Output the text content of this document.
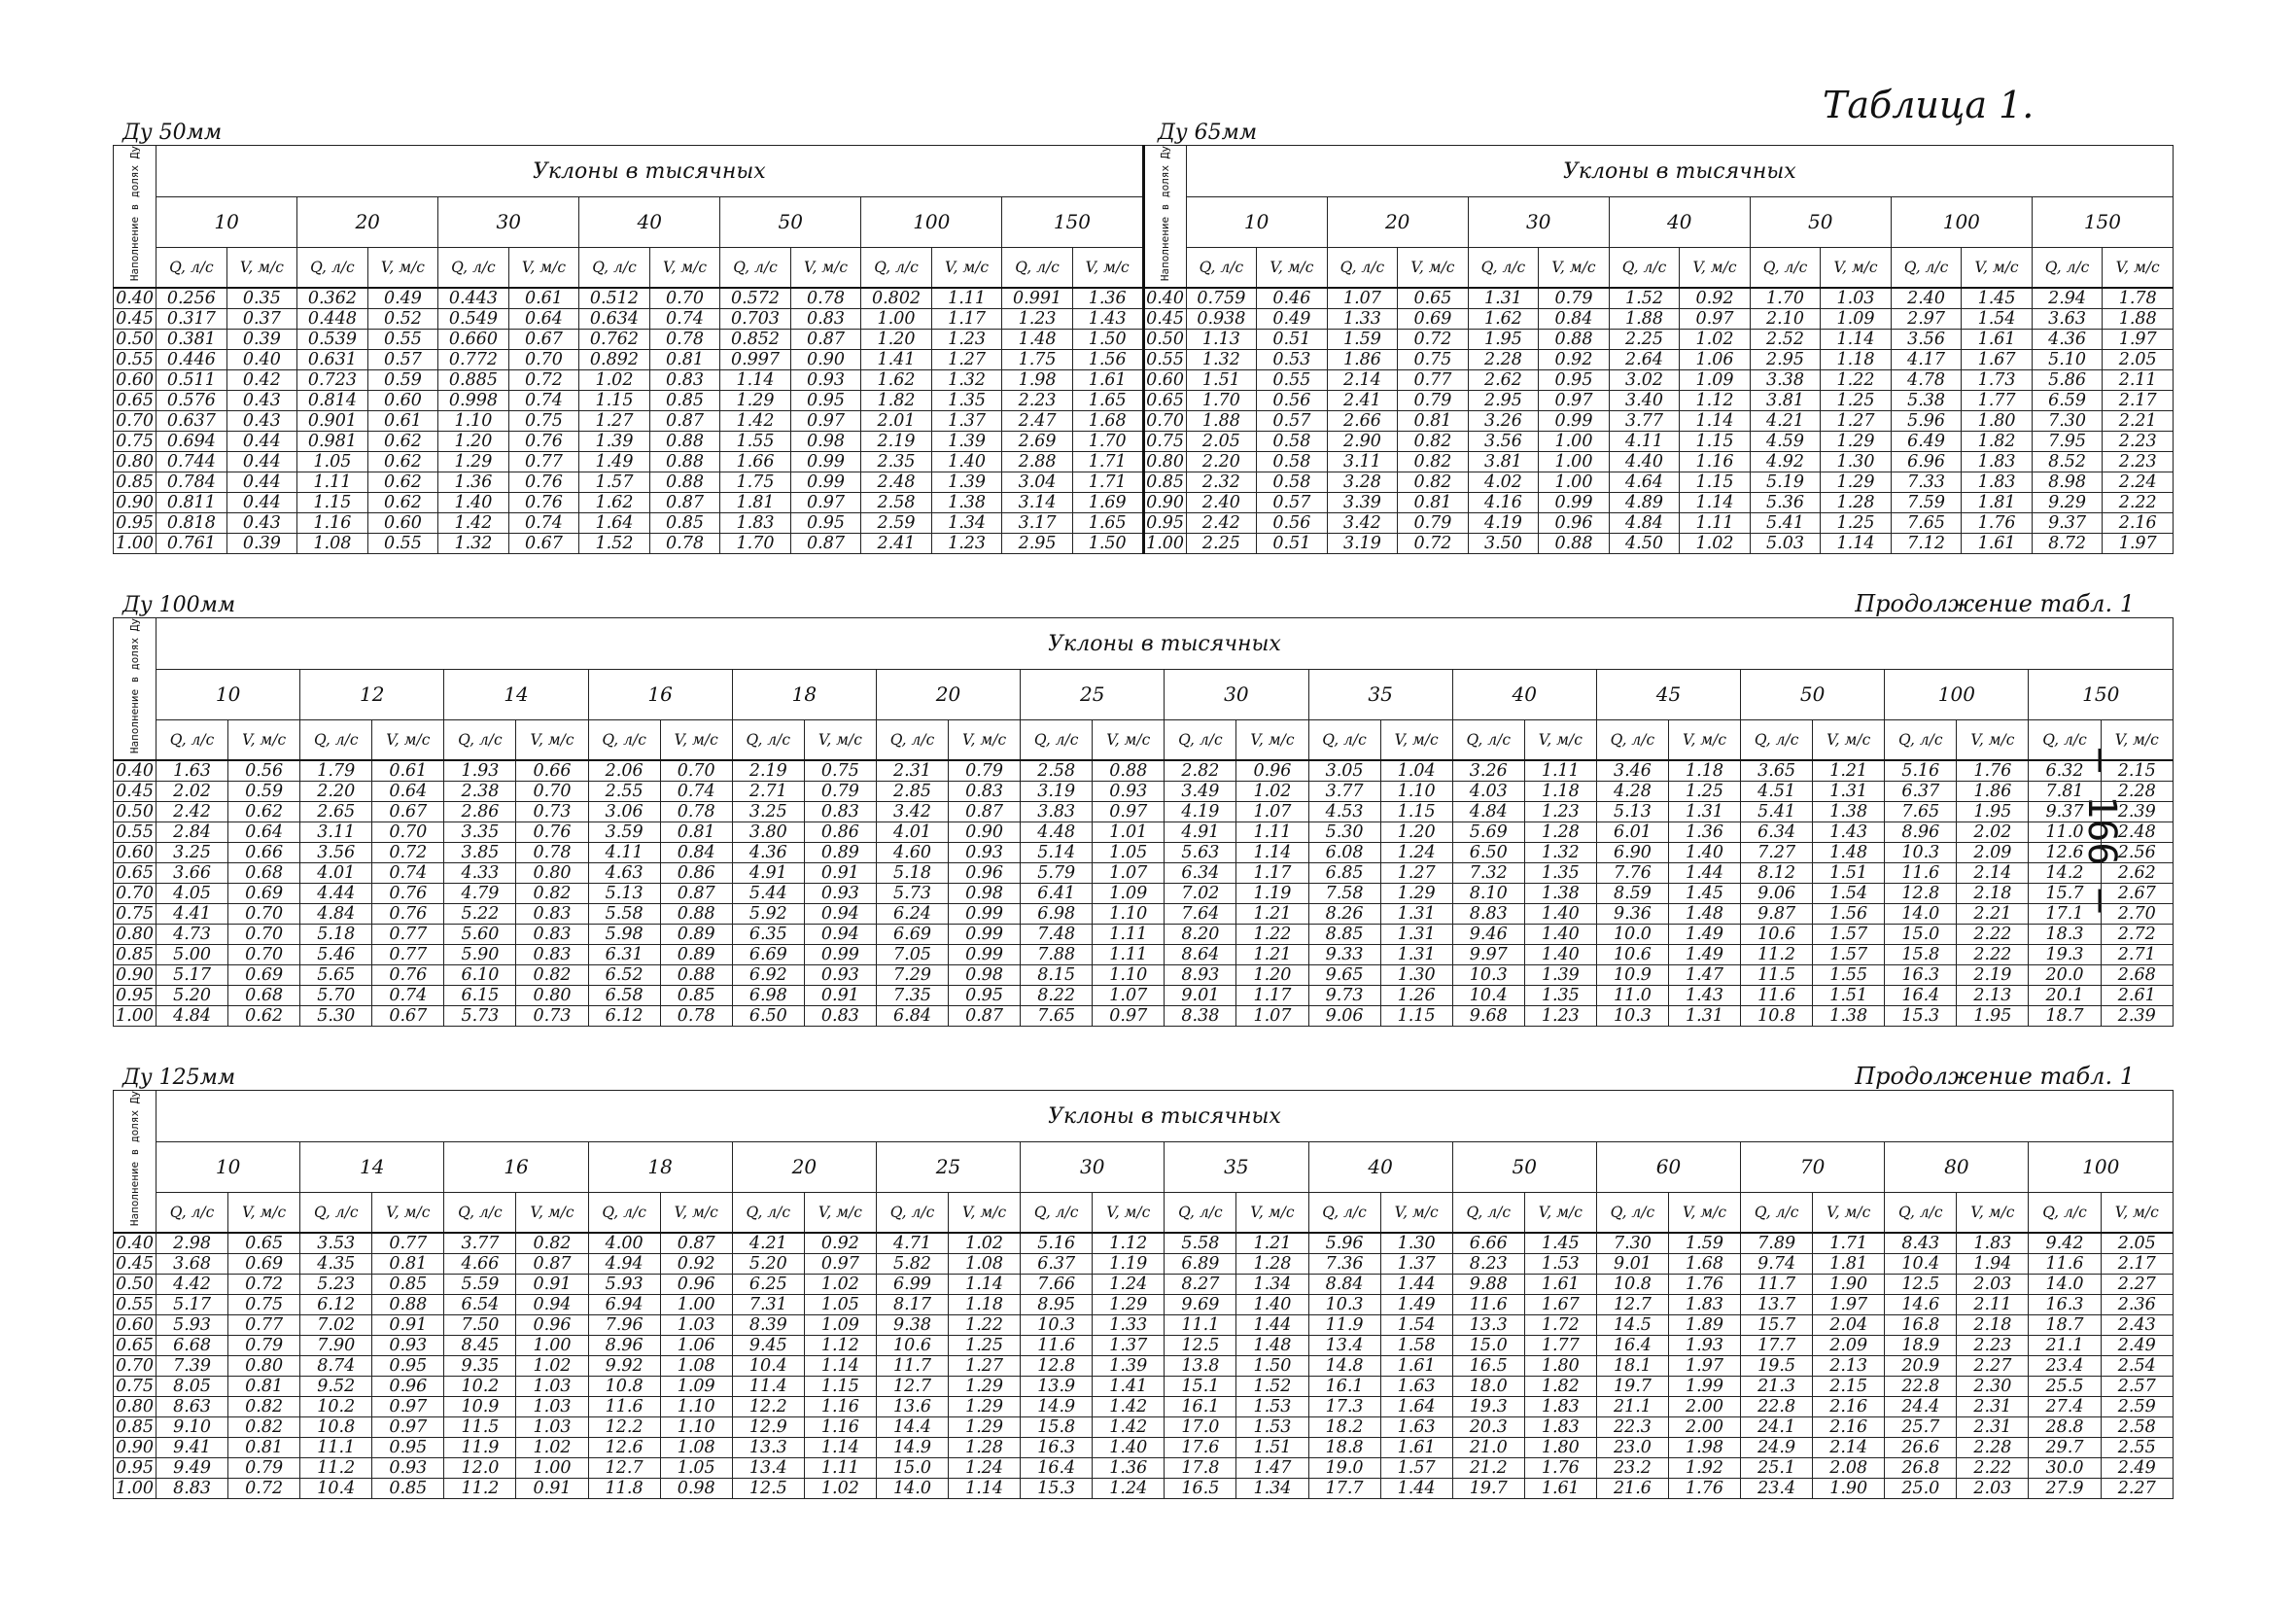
Таблица 1.
– 166 –
Ду 50мм	Ду 65мм
Наполнение в долях Ду	Уклоны в тысячных														Наполнение в долях Ду	Уклоны в тысячных													
	10		20		30		40		50		100		150			10		20		30		40		50		100		150	
	Q, л/с	V, м/с	Q, л/с	V, м/с	Q, л/с	V, м/с	Q, л/с	V, м/с	Q, л/с	V, м/с	Q, л/с	V, м/с	Q, л/с	V, м/с		Q, л/с	V, м/с	Q, л/с	V, м/с	Q, л/с	V, м/с	Q, л/с	V, м/с	Q, л/с	V, м/с	Q, л/с	V, м/с	Q, л/с	V, м/с
0.40	0.256	0.35	0.362	0.49	0.443	0.61	0.512	0.70	0.572	0.78	0.802	1.11	0.991	1.36	0.40	0.759	0.46	1.07	0.65	1.31	0.79	1.52	0.92	1.70	1.03	2.40	1.45	2.94	1.78
0.45	0.317	0.37	0.448	0.52	0.549	0.64	0.634	0.74	0.703	0.83	1.00	1.17	1.23	1.43	0.45	0.938	0.49	1.33	0.69	1.62	0.84	1.88	0.97	2.10	1.09	2.97	1.54	3.63	1.88
0.50	0.381	0.39	0.539	0.55	0.660	0.67	0.762	0.78	0.852	0.87	1.20	1.23	1.48	1.50	0.50	1.13	0.51	1.59	0.72	1.95	0.88	2.25	1.02	2.52	1.14	3.56	1.61	4.36	1.97
0.55	0.446	0.40	0.631	0.57	0.772	0.70	0.892	0.81	0.997	0.90	1.41	1.27	1.75	1.56	0.55	1.32	0.53	1.86	0.75	2.28	0.92	2.64	1.06	2.95	1.18	4.17	1.67	5.10	2.05
0.60	0.511	0.42	0.723	0.59	0.885	0.72	1.02	0.83	1.14	0.93	1.62	1.32	1.98	1.61	0.60	1.51	0.55	2.14	0.77	2.62	0.95	3.02	1.09	3.38	1.22	4.78	1.73	5.86	2.11
0.65	0.576	0.43	0.814	0.60	0.998	0.74	1.15	0.85	1.29	0.95	1.82	1.35	2.23	1.65	0.65	1.70	0.56	2.41	0.79	2.95	0.97	3.40	1.12	3.81	1.25	5.38	1.77	6.59	2.17
0.70	0.637	0.43	0.901	0.61	1.10	0.75	1.27	0.87	1.42	0.97	2.01	1.37	2.47	1.68	0.70	1.88	0.57	2.66	0.81	3.26	0.99	3.77	1.14	4.21	1.27	5.96	1.80	7.30	2.21
0.75	0.694	0.44	0.981	0.62	1.20	0.76	1.39	0.88	1.55	0.98	2.19	1.39	2.69	1.70	0.75	2.05	0.58	2.90	0.82	3.56	1.00	4.11	1.15	4.59	1.29	6.49	1.82	7.95	2.23
0.80	0.744	0.44	1.05	0.62	1.29	0.77	1.49	0.88	1.66	0.99	2.35	1.40	2.88	1.71	0.80	2.20	0.58	3.11	0.82	3.81	1.00	4.40	1.16	4.92	1.30	6.96	1.83	8.52	2.23
0.85	0.784	0.44	1.11	0.62	1.36	0.76	1.57	0.88	1.75	0.99	2.48	1.39	3.04	1.71	0.85	2.32	0.58	3.28	0.82	4.02	1.00	4.64	1.15	5.19	1.29	7.33	1.83	8.98	2.24
0.90	0.811	0.44	1.15	0.62	1.40	0.76	1.62	0.87	1.81	0.97	2.58	1.38	3.14	1.69	0.90	2.40	0.57	3.39	0.81	4.16	0.99	4.89	1.14	5.36	1.28	7.59	1.81	9.29	2.22
0.95	0.818	0.43	1.16	0.60	1.42	0.74	1.64	0.85	1.83	0.95	2.59	1.34	3.17	1.65	0.95	2.42	0.56	3.42	0.79	4.19	0.96	4.84	1.11	5.41	1.25	7.65	1.76	9.37	2.16
1.00	0.761	0.39	1.08	0.55	1.32	0.67	1.52	0.78	1.70	0.87	2.41	1.23	2.95	1.50	1.00	2.25	0.51	3.19	0.72	3.50	0.88	4.50	1.02	5.03	1.14	7.12	1.61	8.72	1.97
Ду 100мм	Продолжение табл. 1
Наполнение в долях Ду	Уклоны в тысячных																											
	10		12		14		16		18		20		25		30		35		40		45		50		100		150	
	Q, л/с	V, м/с	Q, л/с	V, м/с	Q, л/с	V, м/с	Q, л/с	V, м/с	Q, л/с	V, м/с	Q, л/с	V, м/с	Q, л/с	V, м/с	Q, л/с	V, м/с	Q, л/с	V, м/с	Q, л/с	V, м/с	Q, л/с	V, м/с	Q, л/с	V, м/с	Q, л/с	V, м/с	Q, л/с	V, м/с
0.40	1.63	0.56	1.79	0.61	1.93	0.66	2.06	0.70	2.19	0.75	2.31	0.79	2.58	0.88	2.82	0.96	3.05	1.04	3.26	1.11	3.46	1.18	3.65	1.21	5.16	1.76	6.32	2.15
0.45	2.02	0.59	2.20	0.64	2.38	0.70	2.55	0.74	2.71	0.79	2.85	0.83	3.19	0.93	3.49	1.02	3.77	1.10	4.03	1.18	4.28	1.25	4.51	1.31	6.37	1.86	7.81	2.28
0.50	2.42	0.62	2.65	0.67	2.86	0.73	3.06	0.78	3.25	0.83	3.42	0.87	3.83	0.97	4.19	1.07	4.53	1.15	4.84	1.23	5.13	1.31	5.41	1.38	7.65	1.95	9.37	2.39
0.55	2.84	0.64	3.11	0.70	3.35	0.76	3.59	0.81	3.80	0.86	4.01	0.90	4.48	1.01	4.91	1.11	5.30	1.20	5.69	1.28	6.01	1.36	6.34	1.43	8.96	2.02	11.0	2.48
0.60	3.25	0.66	3.56	0.72	3.85	0.78	4.11	0.84	4.36	0.89	4.60	0.93	5.14	1.05	5.63	1.14	6.08	1.24	6.50	1.32	6.90	1.40	7.27	1.48	10.3	2.09	12.6	2.56
0.65	3.66	0.68	4.01	0.74	4.33	0.80	4.63	0.86	4.91	0.91	5.18	0.96	5.79	1.07	6.34	1.17	6.85	1.27	7.32	1.35	7.76	1.44	8.12	1.51	11.6	2.14	14.2	2.62
0.70	4.05	0.69	4.44	0.76	4.79	0.82	5.13	0.87	5.44	0.93	5.73	0.98	6.41	1.09	7.02	1.19	7.58	1.29	8.10	1.38	8.59	1.45	9.06	1.54	12.8	2.18	15.7	2.67
0.75	4.41	0.70	4.84	0.76	5.22	0.83	5.58	0.88	5.92	0.94	6.24	0.99	6.98	1.10	7.64	1.21	8.26	1.31	8.83	1.40	9.36	1.48	9.87	1.56	14.0	2.21	17.1	2.70
0.80	4.73	0.70	5.18	0.77	5.60	0.83	5.98	0.89	6.35	0.94	6.69	0.99	7.48	1.11	8.20	1.22	8.85	1.31	9.46	1.40	10.0	1.49	10.6	1.57	15.0	2.22	18.3	2.72
0.85	5.00	0.70	5.46	0.77	5.90	0.83	6.31	0.89	6.69	0.99	7.05	0.99	7.88	1.11	8.64	1.21	9.33	1.31	9.97	1.40	10.6	1.49	11.2	1.57	15.8	2.22	19.3	2.71
0.90	5.17	0.69	5.65	0.76	6.10	0.82	6.52	0.88	6.92	0.93	7.29	0.98	8.15	1.10	8.93	1.20	9.65	1.30	10.3	1.39	10.9	1.47	11.5	1.55	16.3	2.19	20.0	2.68
0.95	5.20	0.68	5.70	0.74	6.15	0.80	6.58	0.85	6.98	0.91	7.35	0.95	8.22	1.07	9.01	1.17	9.73	1.26	10.4	1.35	11.0	1.43	11.6	1.51	16.4	2.13	20.1	2.61
1.00	4.84	0.62	5.30	0.67	5.73	0.73	6.12	0.78	6.50	0.83	6.84	0.87	7.65	0.97	8.38	1.07	9.06	1.15	9.68	1.23	10.3	1.31	10.8	1.38	15.3	1.95	18.7	2.39
Ду 125мм	Продолжение табл. 1
Наполнение в долях Ду	Уклоны в тысячных																											
	10		14		16		18		20		25		30		35		40		50		60		70		80		100	
	Q, л/с	V, м/с	Q, л/с	V, м/с	Q, л/с	V, м/с	Q, л/с	V, м/с	Q, л/с	V, м/с	Q, л/с	V, м/с	Q, л/с	V, м/с	Q, л/с	V, м/с	Q, л/с	V, м/с	Q, л/с	V, м/с	Q, л/с	V, м/с	Q, л/с	V, м/с	Q, л/с	V, м/с	Q, л/с	V, м/с
0.40	2.98	0.65	3.53	0.77	3.77	0.82	4.00	0.87	4.21	0.92	4.71	1.02	5.16	1.12	5.58	1.21	5.96	1.30	6.66	1.45	7.30	1.59	7.89	1.71	8.43	1.83	9.42	2.05
0.45	3.68	0.69	4.35	0.81	4.66	0.87	4.94	0.92	5.20	0.97	5.82	1.08	6.37	1.19	6.89	1.28	7.36	1.37	8.23	1.53	9.01	1.68	9.74	1.81	10.4	1.94	11.6	2.17
0.50	4.42	0.72	5.23	0.85	5.59	0.91	5.93	0.96	6.25	1.02	6.99	1.14	7.66	1.24	8.27	1.34	8.84	1.44	9.88	1.61	10.8	1.76	11.7	1.90	12.5	2.03	14.0	2.27
0.55	5.17	0.75	6.12	0.88	6.54	0.94	6.94	1.00	7.31	1.05	8.17	1.18	8.95	1.29	9.69	1.40	10.3	1.49	11.6	1.67	12.7	1.83	13.7	1.97	14.6	2.11	16.3	2.36
0.60	5.93	0.77	7.02	0.91	7.50	0.96	7.96	1.03	8.39	1.09	9.38	1.22	10.3	1.33	11.1	1.44	11.9	1.54	13.3	1.72	14.5	1.89	15.7	2.04	16.8	2.18	18.7	2.43
0.65	6.68	0.79	7.90	0.93	8.45	1.00	8.96	1.06	9.45	1.12	10.6	1.25	11.6	1.37	12.5	1.48	13.4	1.58	15.0	1.77	16.4	1.93	17.7	2.09	18.9	2.23	21.1	2.49
0.70	7.39	0.80	8.74	0.95	9.35	1.02	9.92	1.08	10.4	1.14	11.7	1.27	12.8	1.39	13.8	1.50	14.8	1.61	16.5	1.80	18.1	1.97	19.5	2.13	20.9	2.27	23.4	2.54
0.75	8.05	0.81	9.52	0.96	10.2	1.03	10.8	1.09	11.4	1.15	12.7	1.29	13.9	1.41	15.1	1.52	16.1	1.63	18.0	1.82	19.7	1.99	21.3	2.15	22.8	2.30	25.5	2.57
0.80	8.63	0.82	10.2	0.97	10.9	1.03	11.6	1.10	12.2	1.16	13.6	1.29	14.9	1.42	16.1	1.53	17.3	1.64	19.3	1.83	21.1	2.00	22.8	2.16	24.4	2.31	27.4	2.59
0.85	9.10	0.82	10.8	0.97	11.5	1.03	12.2	1.10	12.9	1.16	14.4	1.29	15.8	1.42	17.0	1.53	18.2	1.63	20.3	1.83	22.3	2.00	24.1	2.16	25.7	2.31	28.8	2.58
0.90	9.41	0.81	11.1	0.95	11.9	1.02	12.6	1.08	13.3	1.14	14.9	1.28	16.3	1.40	17.6	1.51	18.8	1.61	21.0	1.80	23.0	1.98	24.9	2.14	26.6	2.28	29.7	2.55
0.95	9.49	0.79	11.2	0.93	12.0	1.00	12.7	1.05	13.4	1.11	15.0	1.24	16.4	1.36	17.8	1.47	19.0	1.57	21.2	1.76	23.2	1.92	25.1	2.08	26.8	2.22	30.0	2.49
1.00	8.83	0.72	10.4	0.85	11.2	0.91	11.8	0.98	12.5	1.02	14.0	1.14	15.3	1.24	16.5	1.34	17.7	1.44	19.7	1.61	21.6	1.76	23.4	1.90	25.0	2.03	27.9	2.27
